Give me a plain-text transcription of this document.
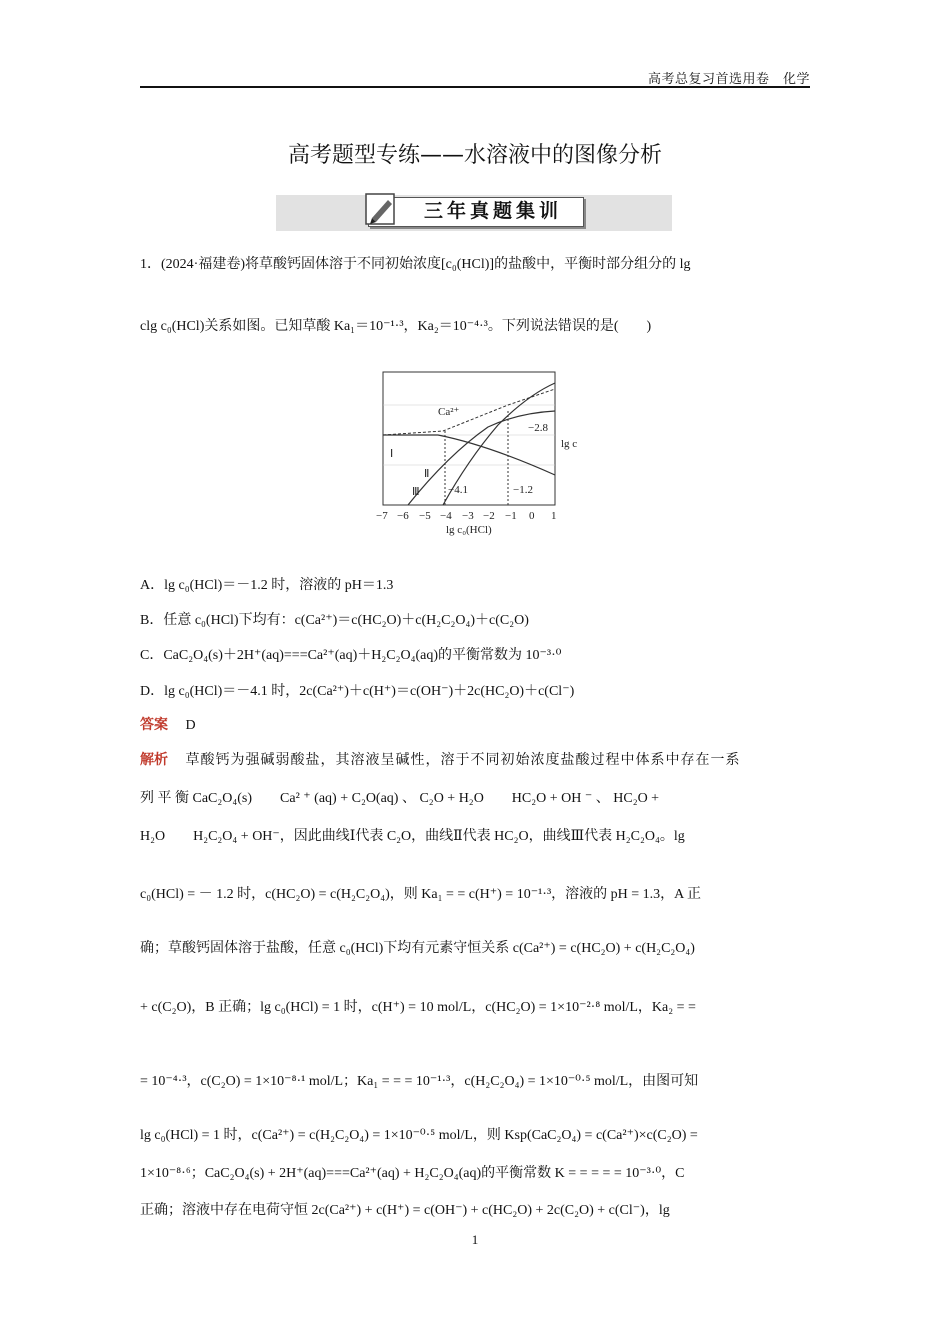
高考总复习首选用卷　化学
高考题型专练——水溶液中的图像分析
三年真题集训
1．(2024·福建卷)将草酸钙固体溶于不同初始浓度[c₀(HCl)]的盐酸中，平衡时部分组分的 lg
clg c₀(HCl)关系如图。已知草酸 Ka₁＝10⁻¹·³，Ka₂＝10⁻⁴·³。下列说法错误的是(　　)
Ca²⁺
Ⅰ
Ⅱ
Ⅲ	−4.1	−1.2
−2.8
lg c
−7 −6 −5 −4 −3 −2 −1 0 1
lg c₀(HCl)
A．lg c₀(HCl)＝－1.2 时，溶液的 pH＝1.3
B．任意 c₀(HCl)下均有：c(Ca²⁺)＝c(HC₂O)＋c(H₂C₂O₄)＋c(C₂O)
C．CaC₂O₄(s)＋2H⁺(aq)===Ca²⁺(aq)＋H₂C₂O₄(aq)的平衡常数为 10⁻³·⁰
D．lg c₀(HCl)＝－4.1 时，2c(Ca²⁺)＋c(H⁺)＝c(OH⁻)＋2c(HC₂O)＋c(Cl⁻)
答案 D
解析 草酸钙为强碱弱酸盐，其溶液呈碱性，溶于不同初始浓度盐酸过程中体系中存在一系
列 平 衡 CaC₂O₄(s)　　Ca² ⁺ (aq) + C₂O(aq) 、 C₂O + H₂O　　HC₂O + OH ⁻ 、 HC₂O +
H₂O　　H₂C₂O₄ + OH⁻，因此曲线Ⅰ代表 C₂O，曲线Ⅱ代表 HC₂O，曲线Ⅲ代表 H₂C₂O₄。lg
c₀(HCl) = － 1.2 时，c(HC₂O) = c(H₂C₂O₄)，则 Ka₁ = = c(H⁺) = 10⁻¹·³，溶液的 pH = 1.3，A 正
确；草酸钙固体溶于盐酸，任意 c₀(HCl)下均有元素守恒关系 c(Ca²⁺) = c(HC₂O) + c(H₂C₂O₄)
+ c(C₂O)，B 正确；lg c₀(HCl) = 1 时，c(H⁺) = 10 mol/L，c(HC₂O) = 1×10⁻²·⁸ mol/L，Ka₂ = =
= 10⁻⁴·³，c(C₂O) = 1×10⁻⁸·¹ mol/L；Ka₁ = = = 10⁻¹·³，c(H₂C₂O₄) = 1×10⁻⁰·⁵ mol/L，由图可知
lg c₀(HCl) = 1 时，c(Ca²⁺) = c(H₂C₂O₄) = 1×10⁻⁰·⁵ mol/L，则 Ksp(CaC₂O₄) = c(Ca²⁺)×c(C₂O) =
1×10⁻⁸·⁶；CaC₂O₄(s) + 2H⁺(aq)===Ca²⁺(aq) + H₂C₂O₄(aq)的平衡常数 K = = = = = 10⁻³·⁰，C
正确；溶液中存在电荷守恒 2c(Ca²⁺) + c(H⁺) = c(OH⁻) + c(HC₂O) + 2c(C₂O) + c(Cl⁻)，lg
1
